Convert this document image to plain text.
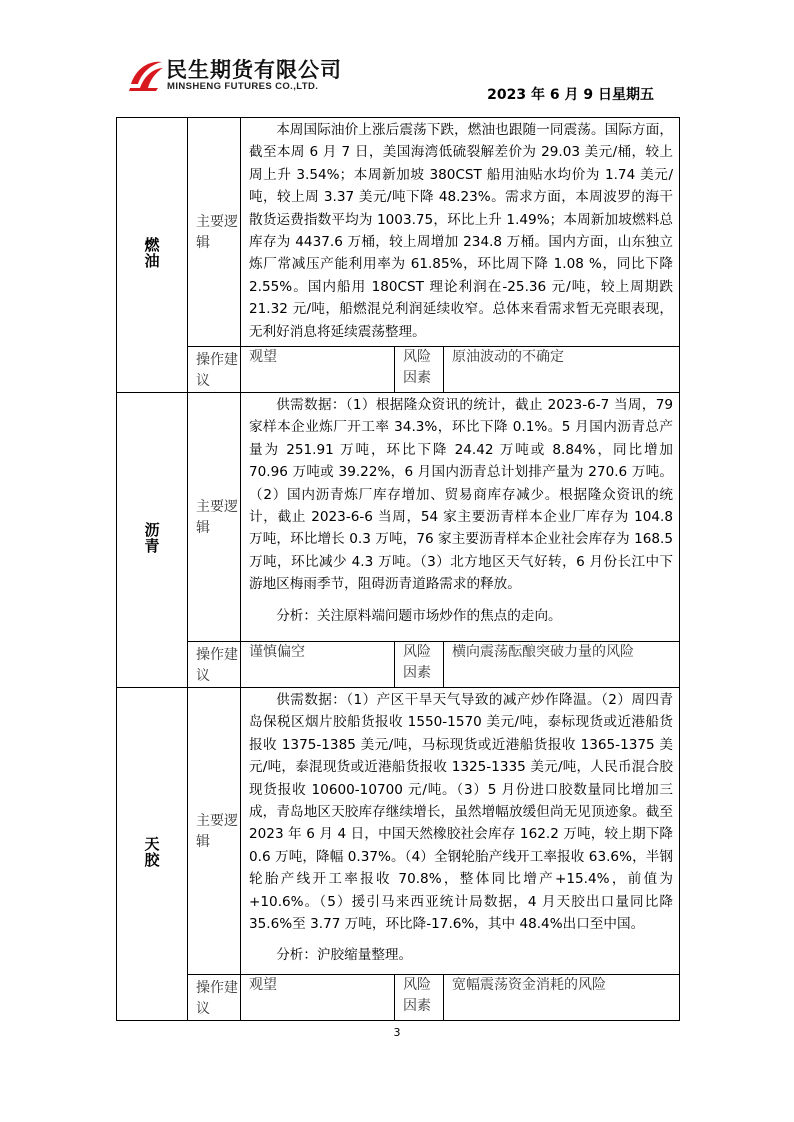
民生期货有限公司
MINSHENG FUTURES CO.,LTD.
2023 年 6 月 9 日星期五
燃油	主要逻辑	本周国际油价上涨后震荡下跌，燃油也跟随一同震荡。国际方面，截至本周 6 月 7 日，美国海湾低硫裂解差价为 29.03 美元/桶，较上周上升 3.54%；本周新加坡 380CST 船用油贴水均价为 1.74 美元/吨，较上周 3.37 美元/吨下降 48.23%。需求方面，本周波罗的海干散货运费指数平均为 1003.75，环比上升 1.49%；本周新加坡燃料总库存为 4437.6 万桶，较上周增加 234.8 万桶。国内方面，山东独立炼厂常减压产能利用率为 61.85%，环比周下降 1.08 %，同比下降 2.55%。国内船用 180CST 理论利润在-25.36 元/吨，较上周期跌 21.32 元/吨，船燃混兑利润延续收窄。总体来看需求暂无亮眼表现，无利好消息将延续震荡整理。		

	操作建议	观望	风险因素	原油波动的不确定
沥青	主要逻辑	供需数据：（1）根据隆众资讯的统计，截止 2023-6-7 当周，79 家样本企业炼厂开工率 34.3%，环比下降 0.1%。5 月国内沥青总产量为 251.91 万吨，环比下降 24.42 万吨或 8.84%，同比增加 70.96 万吨或 39.22%，6 月国内沥青总计划排产量为 270.6 万吨。（2）国内沥青炼厂库存增加、贸易商库存减少。根据隆众资讯的统计，截止 2023-6-6 当周，54 家主要沥青样本企业厂库存为 104.8 万吨，环比增长 0.3 万吨，76 家主要沥青样本企业社会库存为 168.5 万吨，环比减少 4.3 万吨。（3）北方地区天气好转，6 月份长江中下游地区梅雨季节，阻碍沥青道路需求的释放。

分析：关注原料端问题市场炒作的焦点的走向。		

	操作建议	谨慎偏空	风险因素	横向震荡酝酿突破力量的风险
天胶	主要逻辑	供需数据：（1）产区干旱天气导致的减产炒作降温。（2）周四青岛保税区烟片胶船货报收 1550-1570 美元/吨，泰标现货或近港船货报收 1375-1385 美元/吨，马标现货或近港船货报收 1365-1375 美元/吨，泰混现货或近港船货报收 1325-1335 美元/吨，人民币混合胶现货报收 10600-10700 元/吨。（3）5 月份进口胶数量同比增加三成，青岛地区天胶库存继续增长，虽然增幅放缓但尚无见顶迹象。截至 2023 年 6 月 4 日，中国天然橡胶社会库存 162.2 万吨，较上期下降 0.6 万吨，降幅 0.37%。（4）全钢轮胎产线开工率报收 63.6%，半钢轮胎产线开工率报收 70.8%，整体同比增产+15.4%，前值为+10.6%。（5）援引马来西亚统计局数据，4 月天胶出口量同比降 35.6%至 3.77 万吨，环比降-17.6%，其中 48.4%出口至中国。

分析：沪胶缩量整理。		

	操作建议	观望	风险因素	宽幅震荡资金消耗的风险
3
